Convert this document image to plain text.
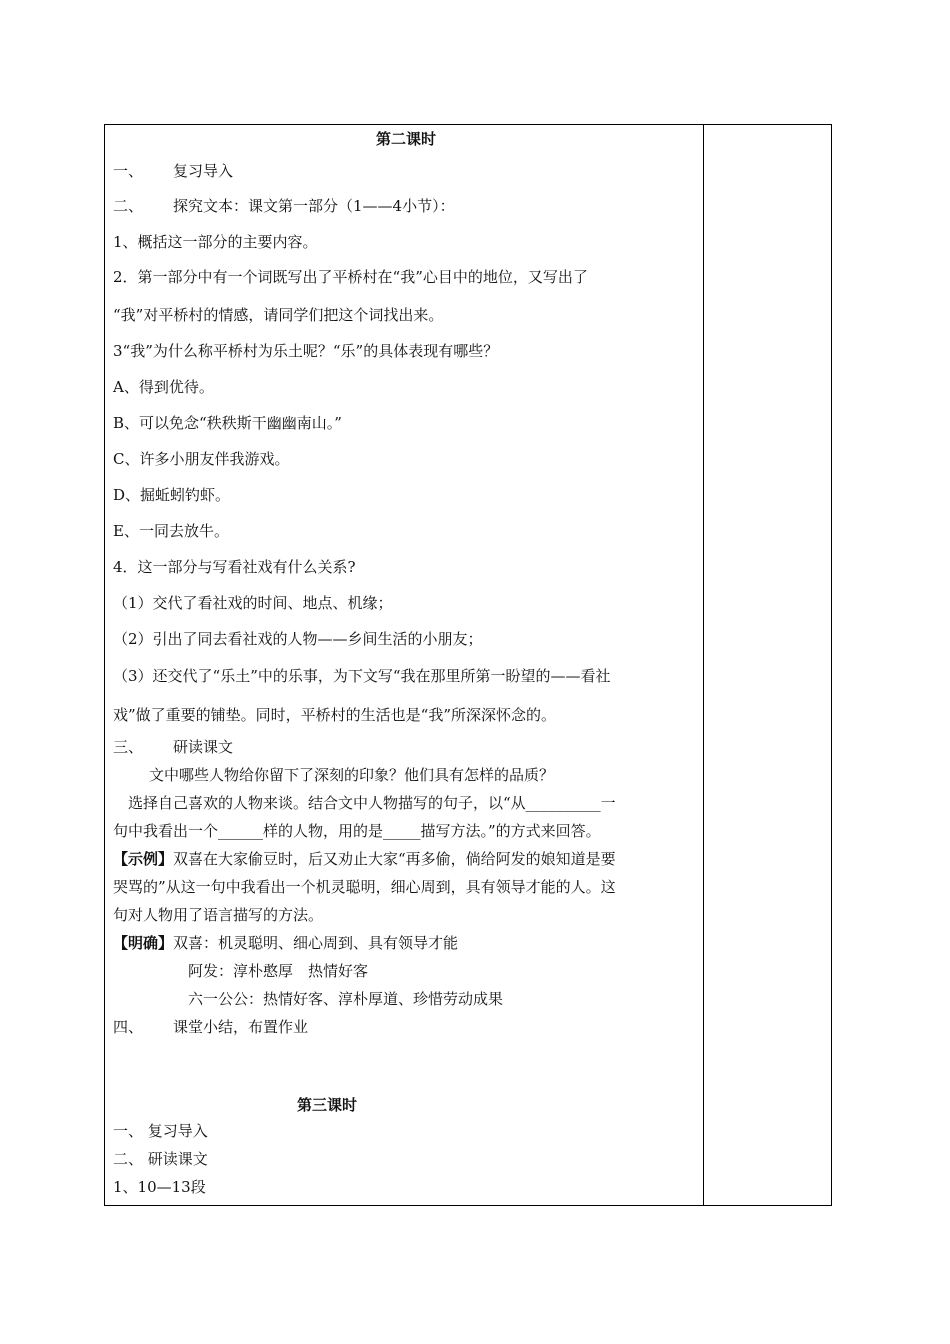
第二课时
一、 复习导入
二、 探究文本：课文第一部分（1——4小节）：
1、概括这一部分的主要内容。
2．第一部分中有一个词既写出了平桥村在“我”心目中的地位，又写出了
“我”对平桥村的情感，请同学们把这个词找出来。
3“我”为什么称平桥村为乐土呢？“乐”的具体表现有哪些？
A、得到优待。
B、可以免念“秩秩斯干幽幽南山。”
C、许多小朋友伴我游戏。
D、掘蚯蚓钓虾。
E、一同去放牛。
4．这一部分与写看社戏有什么关系?
（1）交代了看社戏的时间、地点、机缘；
（2）引出了同去看社戏的人物——乡间生活的小朋友；
（3）还交代了“乐土”中的乐事，为下文写“我在那里所第一盼望的——看社
戏”做了重要的铺垫。同时，平桥村的生活也是“我”所深深怀念的。
三、 研读课文
文中哪些人物给你留下了深刻的印象？他们具有怎样的品质？
选择自己喜欢的人物来谈。结合文中人物描写的句子，以“从__________一
句中我看出一个______样的人物，用的是_____描写方法。”的方式来回答。
【示例】双喜在大家偷豆时，后又劝止大家“再多偷，倘给阿发的娘知道是要
哭骂的”从这一句中我看出一个机灵聪明，细心周到，具有领导才能的人。这
句对人物用了语言描写的方法。
【明确】双喜：机灵聪明、细心周到、具有领导才能
阿发：淳朴憨厚　热情好客
六一公公：热情好客、淳朴厚道、珍惜劳动成果
四、 课堂小结，布置作业
第三课时
一、 复习导入
二、 研读课文
1、10—13段
